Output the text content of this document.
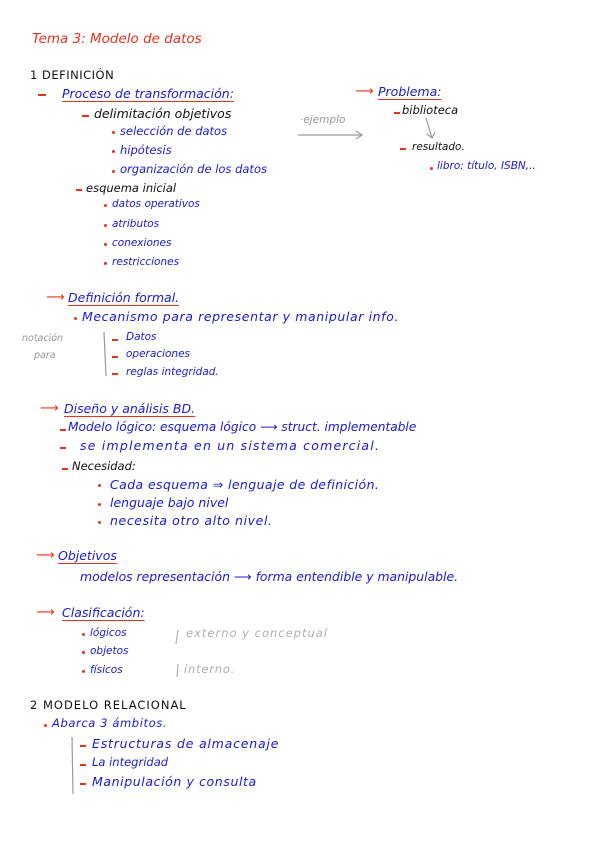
Tema 3: Modelo de datos
1 DEFINICIÓN
Proceso de transformación:
delimitación objetivos
selección de datos
hipótesis
organización de los datos
esquema inicial
datos operativos
atributos
conexiones
restricciones
·ejemplo
⟶ Problema:
biblioteca
resultado.
libro: título, ISBN,..
⟶ Definición formal.
Mecanismo para representar y manipular info.
notación
para
Datos
operaciones
reglas integridad.
⟶ Diseño y análisis BD.
Modelo lógico: esquema lógico ⟶ struct. implementable
se implementa en un sistema comercial.
Necesidad:
Cada esquema ⇒ lenguaje de definición.
lenguaje bajo nivel
necesita otro alto nivel.
⟶ Objetivos
modelos representación ⟶ forma entendible y manipulable.
⟶ Clasificación:
lógicos
objetos
físicos
externo y conceptual
interno.
2 MODELO RELACIONAL
Abarca 3 ámbitos.
Estructuras de almacenaje
La integridad
Manipulación y consulta
